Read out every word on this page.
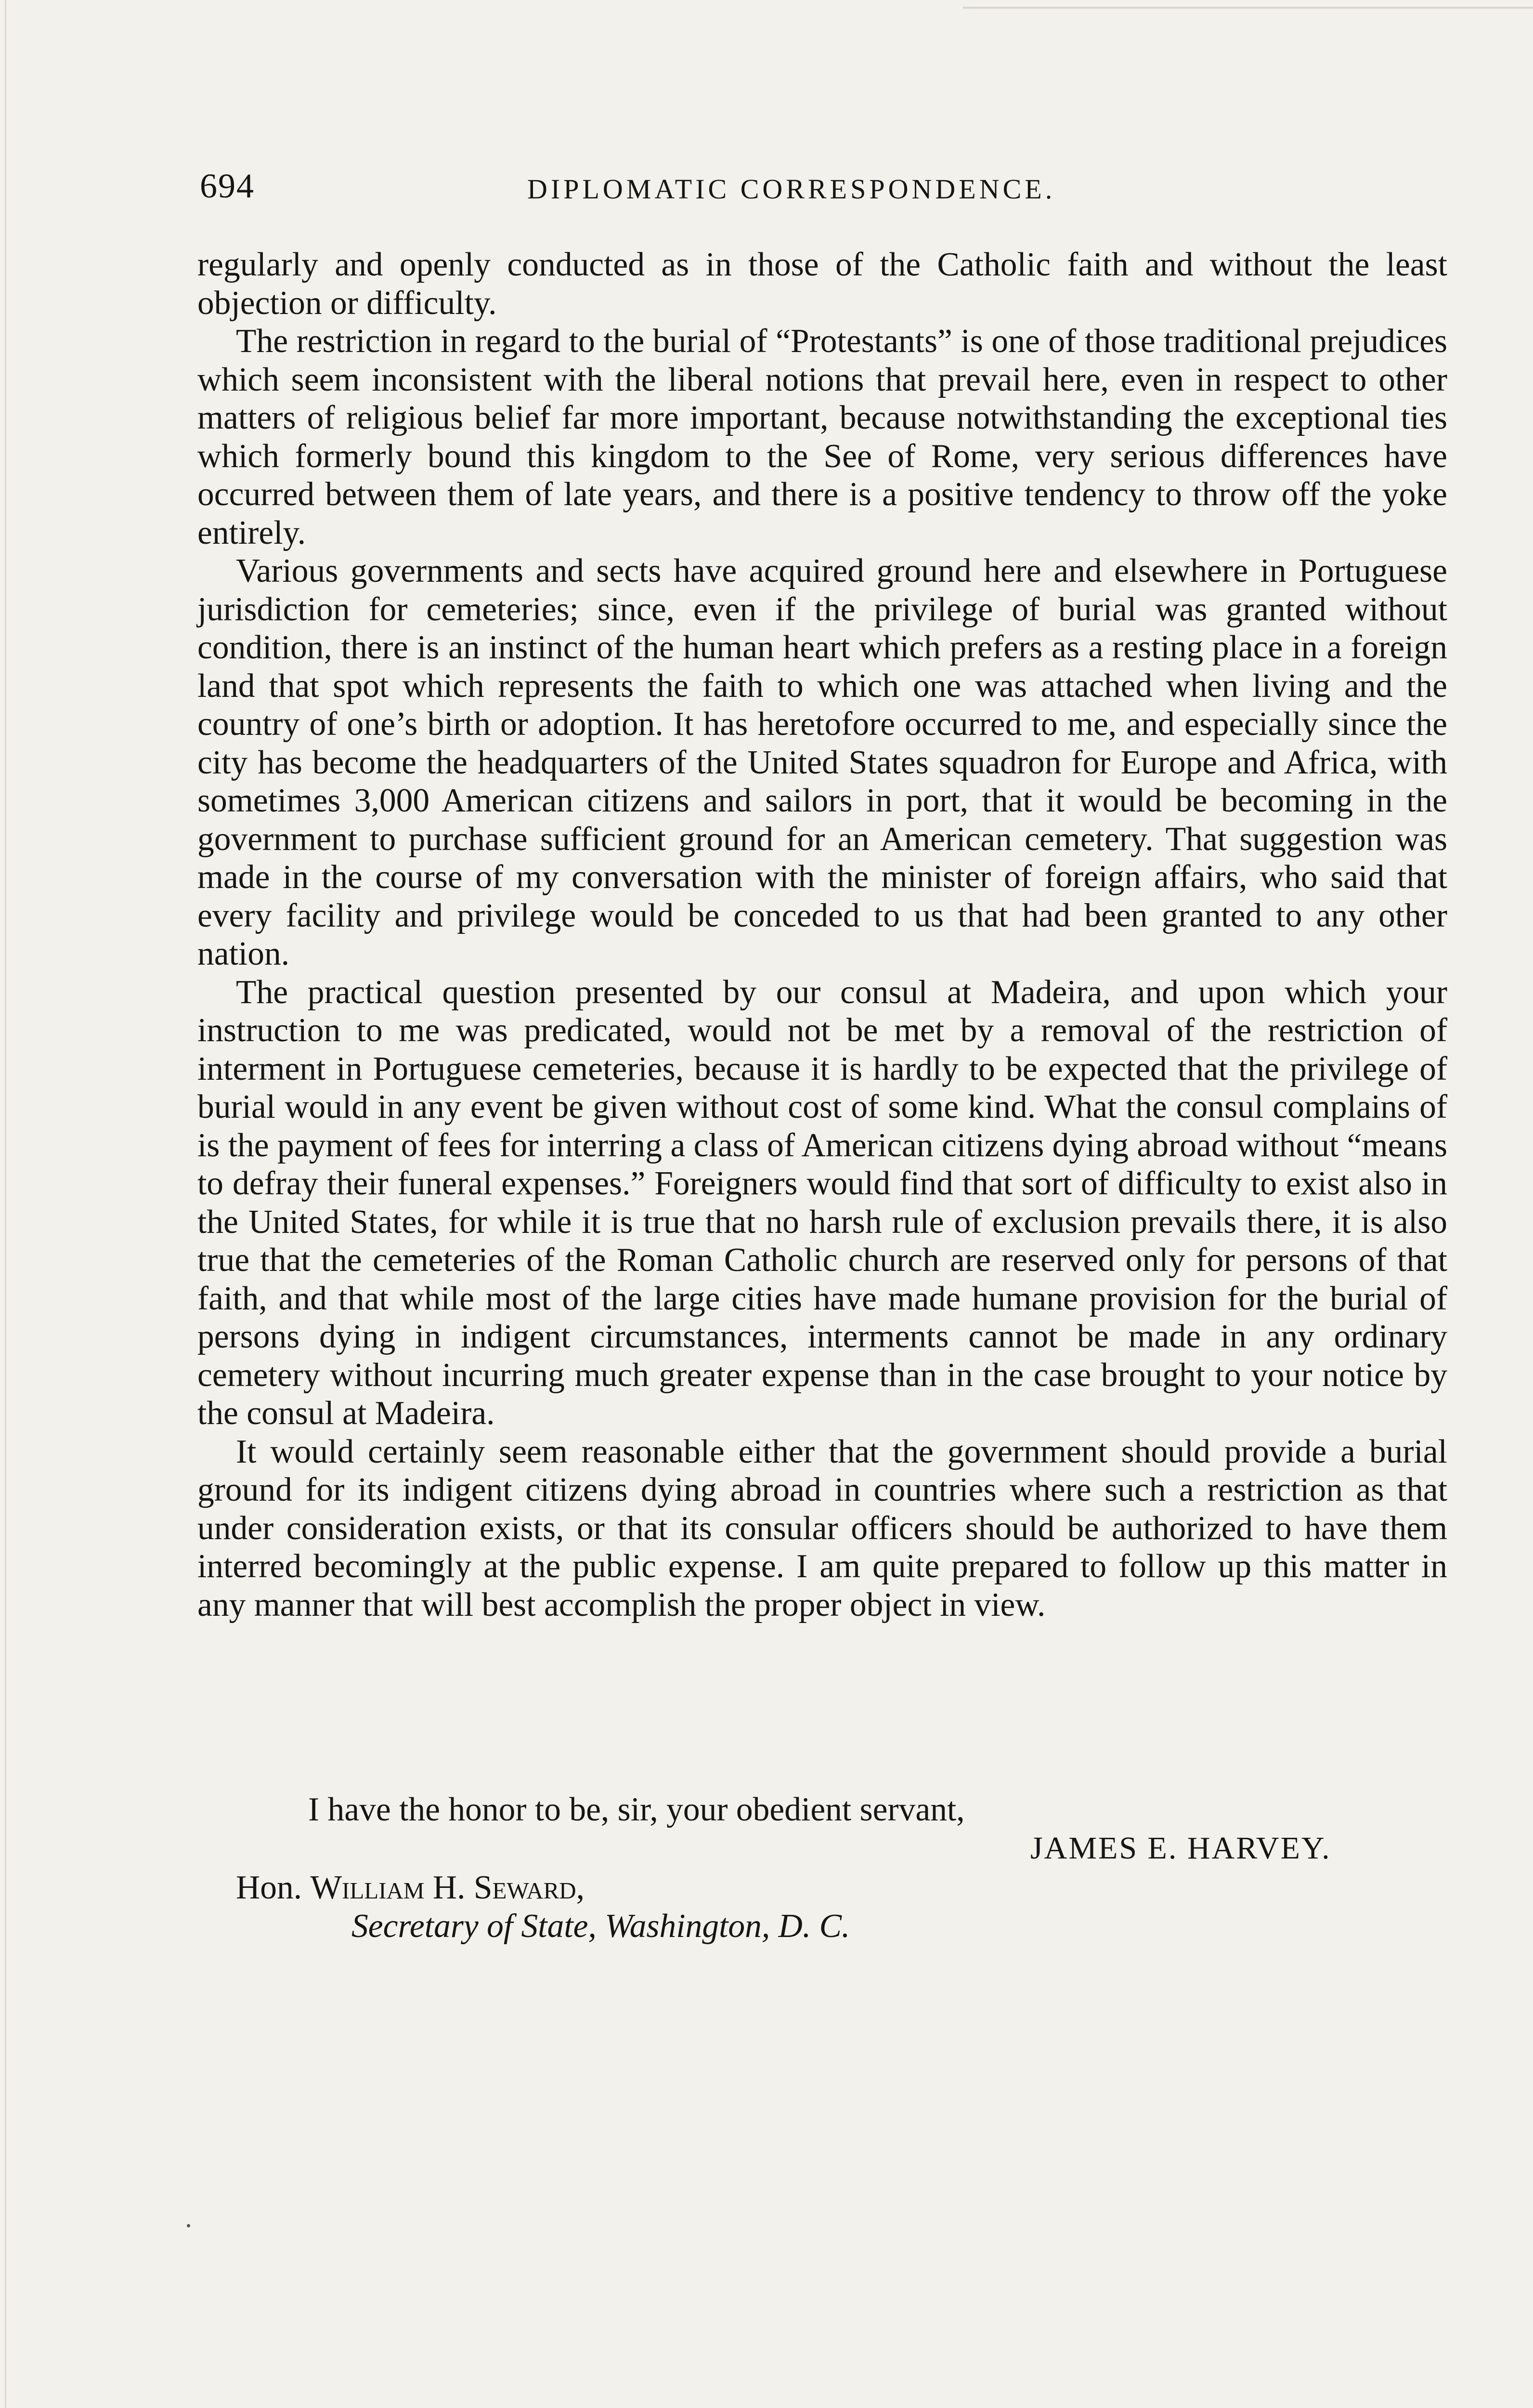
694	DIPLOMATIC CORRESPONDENCE.

regularly and openly conducted as in those of the Catholic faith and without the least objection or difficulty.

The restriction in regard to the burial of “Protestants” is one of those traditional prejudices which seem inconsistent with the liberal notions that prevail here, even in respect to other matters of religious belief far more important, because notwithstanding the exceptional ties which formerly bound this kingdom to the See of Rome, very serious differences have occurred between them of late years, and there is a positive tendency to throw off the yoke entirely.

Various governments and sects have acquired ground here and elsewhere in Portuguese jurisdiction for cemeteries; since, even if the privilege of burial was granted without condition, there is an instinct of the human heart which prefers as a resting place in a foreign land that spot which represents the faith to which one was attached when living and the country of one’s birth or adoption. It has heretofore occurred to me, and especially since the city has become the headquarters of the United States squadron for Europe and Africa, with sometimes 3,000 American citizens and sailors in port, that it would be becoming in the government to purchase sufficient ground for an American cemetery. That suggestion was made in the course of my conversation with the minister of foreign affairs, who said that every facility and privilege would be conceded to us that had been granted to any other nation.

The practical question presented by our consul at Madeira, and upon which your instruction to me was predicated, would not be met by a removal of the restriction of interment in Portuguese cemeteries, because it is hardly to be expected that the privilege of burial would in any event be given without cost of some kind. What the consul complains of is the payment of fees for interring a class of American citizens dying abroad without “means to defray their funeral expenses.” Foreigners would find that sort of difficulty to exist also in the United States, for while it is true that no harsh rule of exclusion prevails there, it is also true that the cemeteries of the Roman Catholic church are reserved only for persons of that faith, and that while most of the large cities have made humane provision for the burial of persons dying in indigent circumstances, interments cannot be made in any ordinary cemetery without incurring much greater expense than in the case brought to your notice by the consul at Madeira.

It would certainly seem reasonable either that the government should provide a burial ground for its indigent citizens dying abroad in countries where such a restriction as that under consideration exists, or that its consular officers should be authorized to have them interred becomingly at the public expense. I am quite prepared to follow up this matter in any manner that will best accomplish the proper object in view.

I have the honor to be, sir, your obedient servant,
JAMES E. HARVEY.
Hon. William H. Seward,
Secretary of State, Washington, D. C.
